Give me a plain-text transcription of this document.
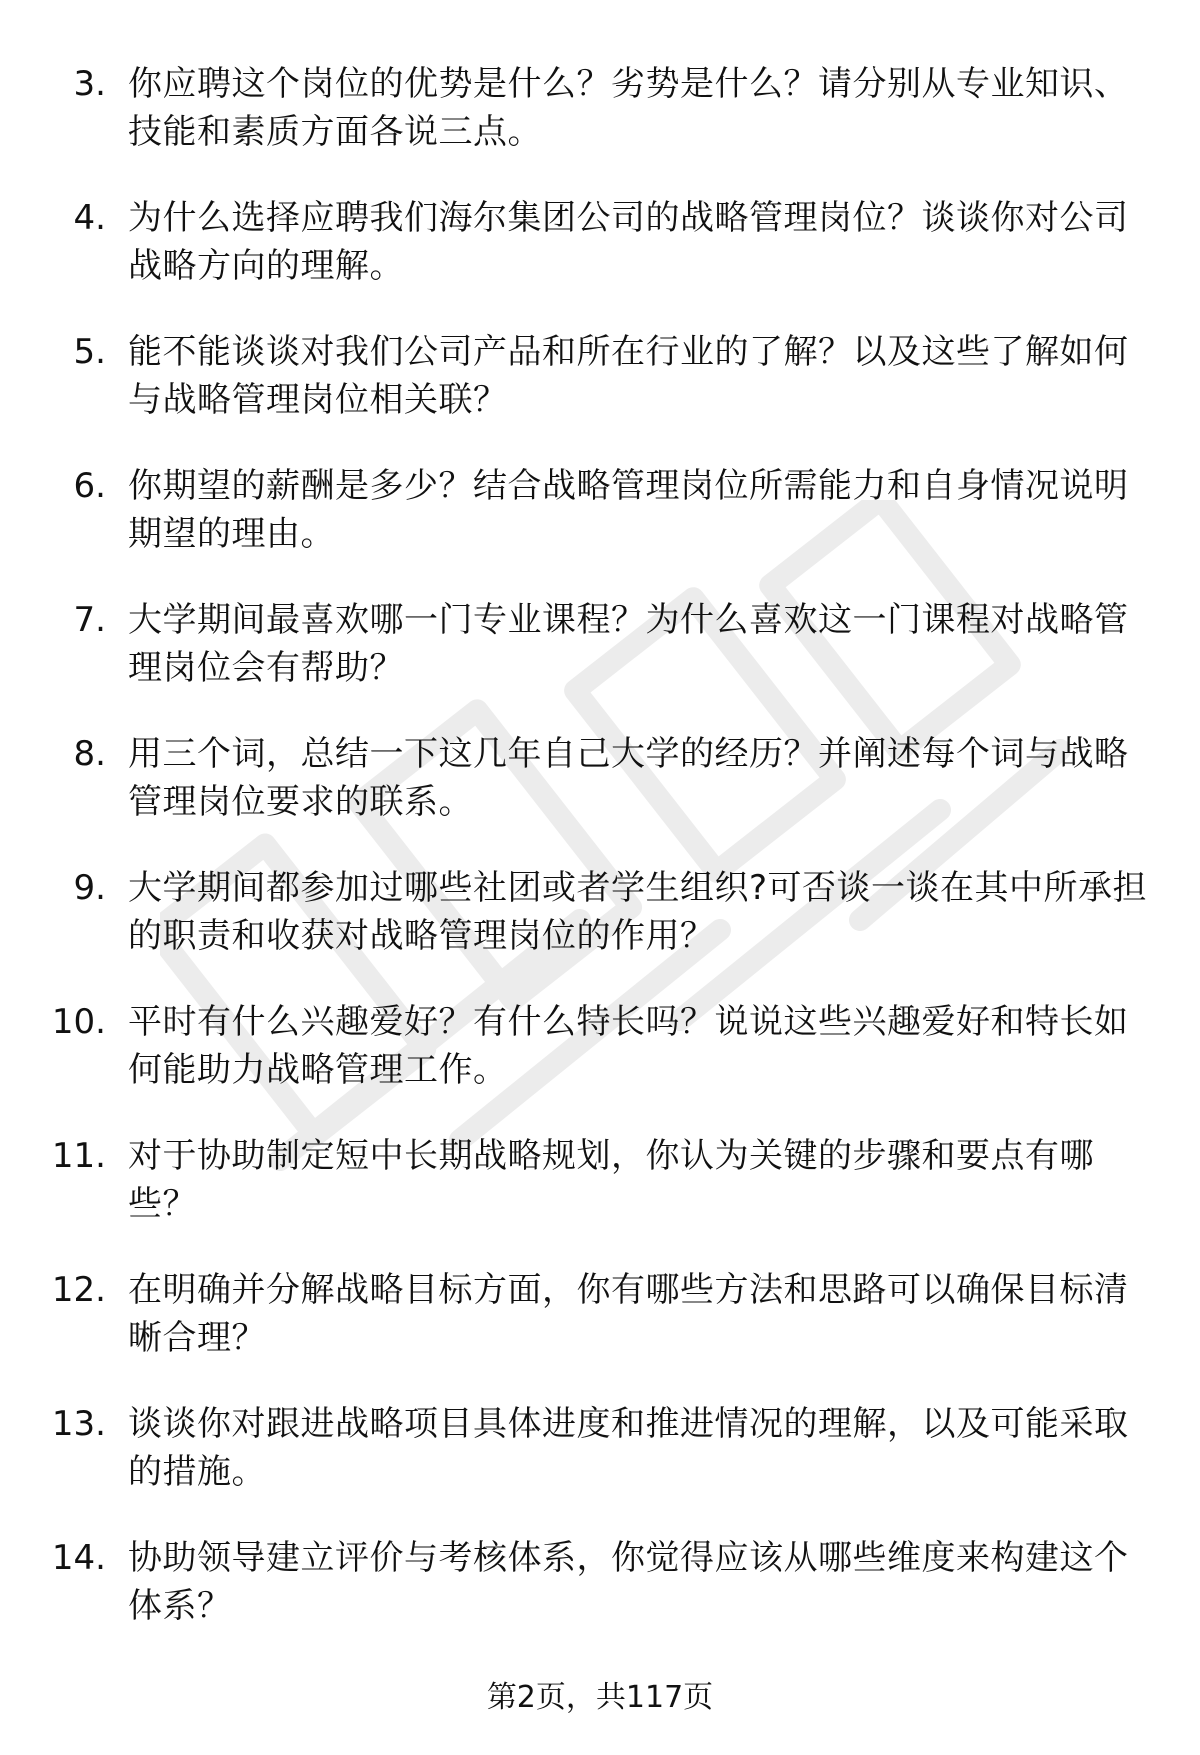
3. 你应聘这个岗位的优势是什么？劣势是什么？请分别从专业知识、技能和素质方面各说三点。
4. 为什么选择应聘我们海尔集团公司的战略管理岗位？谈谈你对公司战略方向的理解。
5. 能不能谈谈对我们公司产品和所在行业的了解？以及这些了解如何与战略管理岗位相关联？
6. 你期望的薪酬是多少？结合战略管理岗位所需能力和自身情况说明期望的理由。
7. 大学期间最喜欢哪一门专业课程？为什么喜欢这一门课程对战略管理岗位会有帮助？
8. 用三个词，总结一下这几年自己大学的经历？并阐述每个词与战略管理岗位要求的联系。
9. 大学期间都参加过哪些社团或者学生组织?可否谈一谈在其中所承担的职责和收获对战略管理岗位的作用？
10. 平时有什么兴趣爱好？有什么特长吗？说说这些兴趣爱好和特长如何能助力战略管理工作。
11. 对于协助制定短中长期战略规划，你认为关键的步骤和要点有哪些？
12. 在明确并分解战略目标方面，你有哪些方法和思路可以确保目标清晰合理？
13. 谈谈你对跟进战略项目具体进度和推进情况的理解，以及可能采取的措施。
14. 协助领导建立评价与考核体系，你觉得应该从哪些维度来构建这个体系？
第2页，共117页
